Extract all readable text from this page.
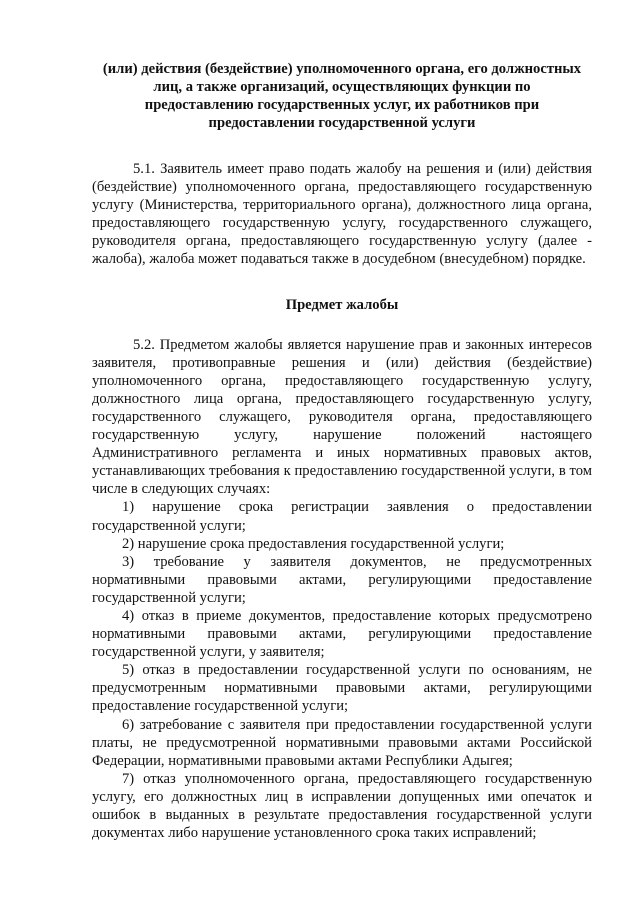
(или) действия (бездействие) уполномоченного органа, его должностных
лиц, а также организаций, осуществляющих функции по
предоставлению государственных услуг, их работников при
предоставлении государственной услуги

5.1. Заявитель имеет право подать жалобу на решения и (или) действия (бездействие) уполномоченного органа, предоставляющего государственную услугу (Министерства, территориального органа), должностного лица органа, предоставляющего государственную услугу, государственного служащего, руководителя органа, предоставляющего государственную услугу (далее - жалоба), жалоба может подаваться также в досудебном (внесудебном) порядке.

Предмет жалобы

5.2. Предметом жалобы является нарушение прав и законных интересов заявителя, противоправные решения и (или) действия (бездействие) уполномоченного органа, предоставляющего государственную услугу, должностного лица органа, предоставляющего государственную услугу, государственного служащего, руководителя органа, предоставляющего государственную услугу, нарушение положений настоящего Административного регламента и иных нормативных правовых актов, устанавливающих требования к предоставлению государственной услуги, в том числе в следующих случаях:

1) нарушение срока регистрации заявления о предоставлении государственной услуги;

2) нарушение срока предоставления государственной услуги;

3) требование у заявителя документов, не предусмотренных нормативными правовыми актами, регулирующими предоставление государственной услуги;

4) отказ в приеме документов, предоставление которых предусмотрено нормативными правовыми актами, регулирующими предоставление государственной услуги, у заявителя;

5) отказ в предоставлении государственной услуги по основаниям, не предусмотренным нормативными правовыми актами, регулирующими предоставление государственной услуги;

6) затребование с заявителя при предоставлении государственной услуги платы, не предусмотренной нормативными правовыми актами Российской Федерации, нормативными правовыми актами Республики Адыгея;

7) отказ уполномоченного органа, предоставляющего государственную услугу, его должностных лиц в исправлении допущенных ими опечаток и ошибок в выданных в результате предоставления государственной услуги документах либо нарушение установленного срока таких исправлений;
